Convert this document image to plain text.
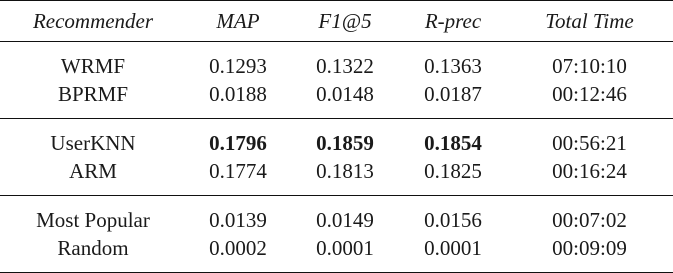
Recommender	MAP	F1@5	R-prec	Total Time
WRMF	0.1293	0.1322	0.1363	07:10:10
BPRMF	0.0188	0.0148	0.0187	00:12:46
UserKNN	0.1796	0.1859	0.1854	00:56:21
ARM	0.1774	0.1813	0.1825	00:16:24
Most Popular	0.0139	0.0149	0.0156	00:07:02
Random	0.0002	0.0001	0.0001	00:09:09
